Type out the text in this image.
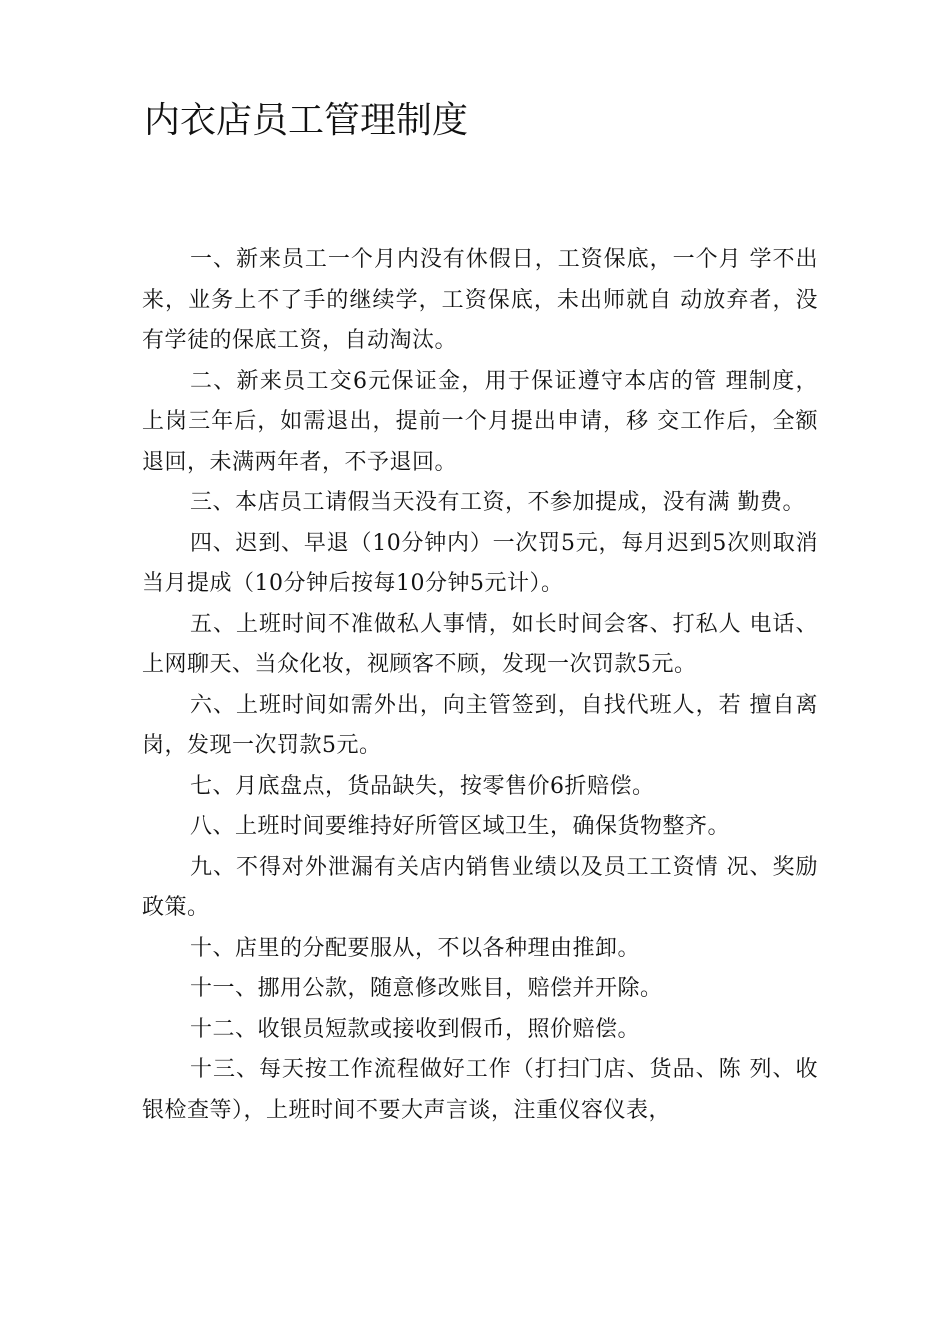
内衣店员工管理制度

一、新来员工一个月内没有休假日，工资保底，一个月 学不出来，业务上不了手的继续学，工资保底，未出师就自 动放弃者，没有学徒的保底工资，自动淘汰。

二、新来员工交6元保证金，用于保证遵守本店的管 理制度，上岗三年后，如需退出，提前一个月提出申请，移 交工作后，全额退回，未满两年者，不予退回。

三、本店员工请假当天没有工资，不参加提成，没有满 勤费。

四、迟到、早退（10分钟内）一次罚5元，每月迟到5次则取消当月提成（10分钟后按每10分钟5元计）。

五、上班时间不准做私人事情，如长时间会客、打私人 电话、上网聊天、当众化妆，视顾客不顾，发现一次罚款5元。

六、上班时间如需外出，向主管签到，自找代班人，若 擅自离岗，发现一次罚款5元。

七、月底盘点，货品缺失，按零售价6折赔偿。

八、上班时间要维持好所管区域卫生，确保货物整齐。

九、不得对外泄漏有关店内销售业绩以及员工工资情 况、奖励政策。

十、店里的分配要服从，不以各种理由推卸。

十一、挪用公款，随意修改账目，赔偿并开除。

十二、收银员短款或接收到假币，照价赔偿。

十三、每天按工作流程做好工作（打扫门店、货品、陈 列、收银检查等），上班时间不要大声言谈，注重仪容仪表，
